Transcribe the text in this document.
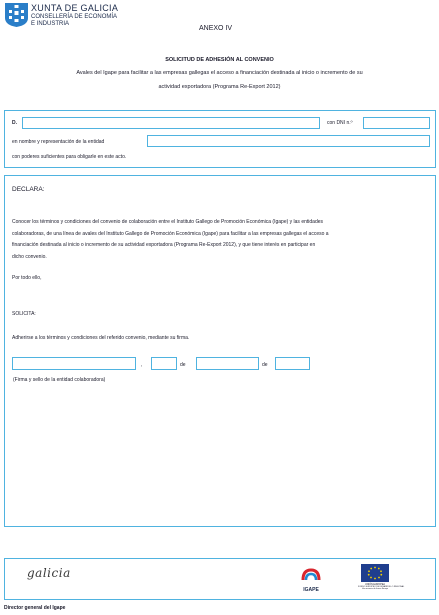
XUNTA DE GALICIA
CONSELLERÍA DE ECONOMÍA
E INDUSTRIA
ANEXO IV
SOLICITUD DE ADHESIÓN AL CONVENIO
Avales del Igape para facilitar a las empresas gallegas el acceso a financiación destinada al inicio o incremento de su
actividad exportadora (Programa Re-Export 2012)
D.	con DNI n.º
en nombre y representación de la entidad
con poderes suficientes para obligarle en este acto.
DECLARA:
Conocer los términos y condiciones del convenio de colaboración entre el Instituto Gallego de Promoción Económica (Igape) y las entidades
colaboradoras, de una línea de avales del Instituto Gallego de Promoción Económica (Igape) para facilitar a las empresas gallegas el acceso a
financiación destinada al inicio o incremento de su actividad exportadora (Programa Re-Export 2012), y que tiene interés en participar en
dicho convenio.
Por todo ello,
SOLICITA:
Adherirse a los términos y condiciones del referido convenio, mediante su firma.
,	de	de
(Firma y sello de la entidad colaboradora)
galicia
IGAPE
UNIÓN EUROPEA
FONDO EUROPEO DE DESARROLLO REGIONAL
Una manera de hacer Europa
Director general del Igape
